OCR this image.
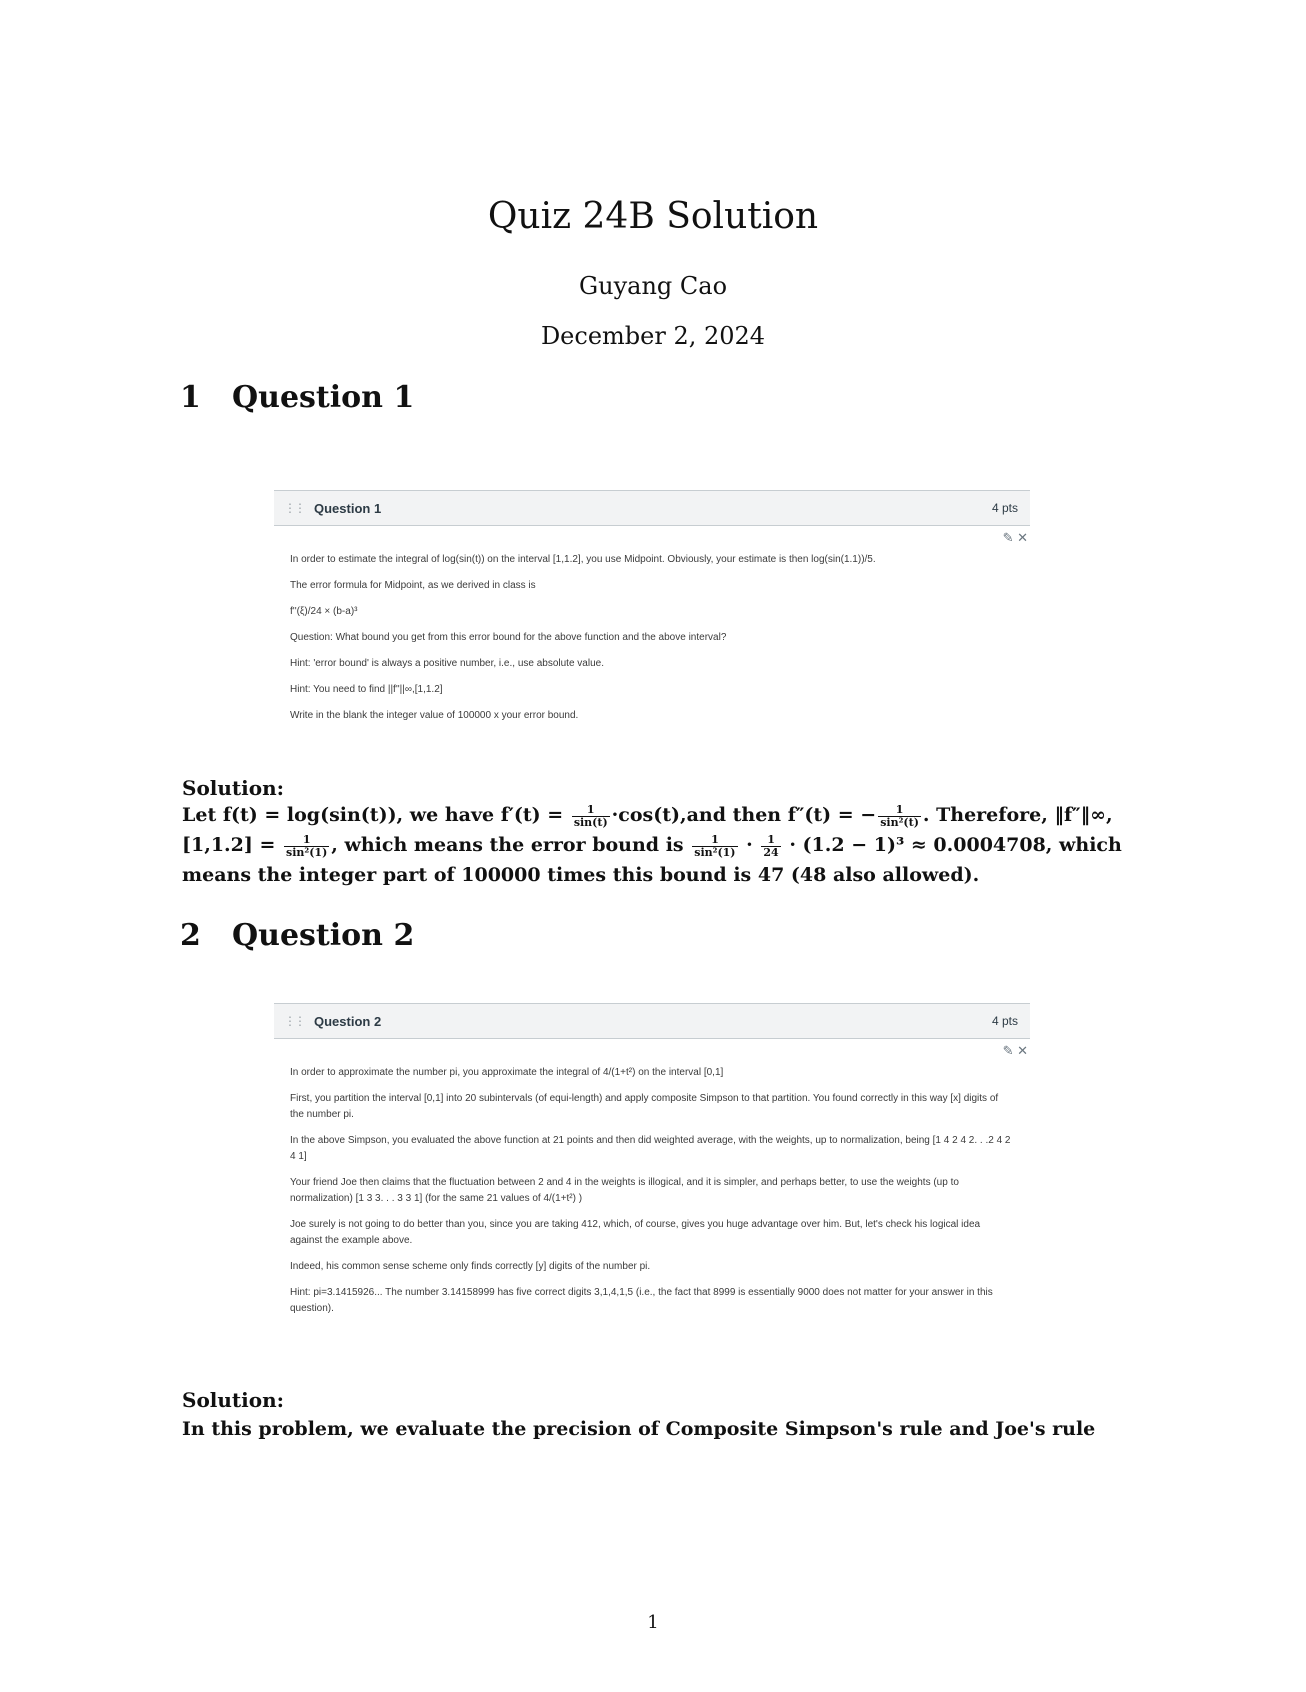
Quiz 24B Solution
Guyang Cao
December 2, 2024
1 Question 1
⋮⋮ Question 1	4 pts
✎ ✕

In order to estimate the integral of log(sin(t)) on the interval [1,1.2], you use Midpoint. Obviously, your estimate is then log(sin(1.1))/5.

The error formula for Midpoint, as we derived in class is

f''(ξ)/24 × (b-a)³

Question: What bound you get from this error bound for the above function and the above interval?

Hint: 'error bound' is always a positive number, i.e., use absolute value.

Hint: You need to find ||f''||∞,[1,1.2]

Write in the blank the integer value of 100000 x your error bound.

Solution:
Let f(t) = log(sin(t)), we have $f'(t) = \frac{1}{\sin(t)} \cdot\cos(t),and$ then f″(t) = − $\frac{1}{\text{sin²(t)}}$ . Therefore, ‖f″‖∞,[1,1.2] = $\frac{1}{\text{sin²(1)}}$ , which means the error bound is $\frac{1}{\text{sin²(1)}} \cdot \frac{1}{24} \cdot (1.2 - 1)^3 \approx 0.0004708$, which means the integer part of 100000 times this bound is 47 (48 also allowed).
2 Question 2
⋮⋮ Question 2	4 pts
✎ ✕

In order to approximate the number pi, you approximate the integral of 4/(1+t²) on the interval [0,1]

First, you partition the interval [0,1] into 20 subintervals (of equi-length) and apply composite Simpson to that partition. You found correctly in this way [x] digits of the number pi.

In the above Simpson, you evaluated the above function at 21 points and then did weighted average, with the weights, up to normalization, being [1 4 2 4 2. . .2 4 2 4 1]

Your friend Joe then claims that the fluctuation between 2 and 4 in the weights is illogical, and it is simpler, and perhaps better, to use the weights (up to normalization) [1 3 3. . . 3 3 1] (for the same 21 values of 4/(1+t²) )

Joe surely is not going to do better than you, since you are taking 412, which, of course, gives you huge advantage over him. But, let's check his logical idea against the example above.

Indeed, his common sense scheme only finds correctly [y] digits of the number pi.

Hint: pi=3.1415926... The number 3.14158999 has five correct digits 3,1,4,1,5 (i.e., the fact that 8999 is essentially 9000 does not matter for your answer in this question).

Solution:
In this problem, we evaluate the precision of Composite Simpson's rule and Joe's rule
1
